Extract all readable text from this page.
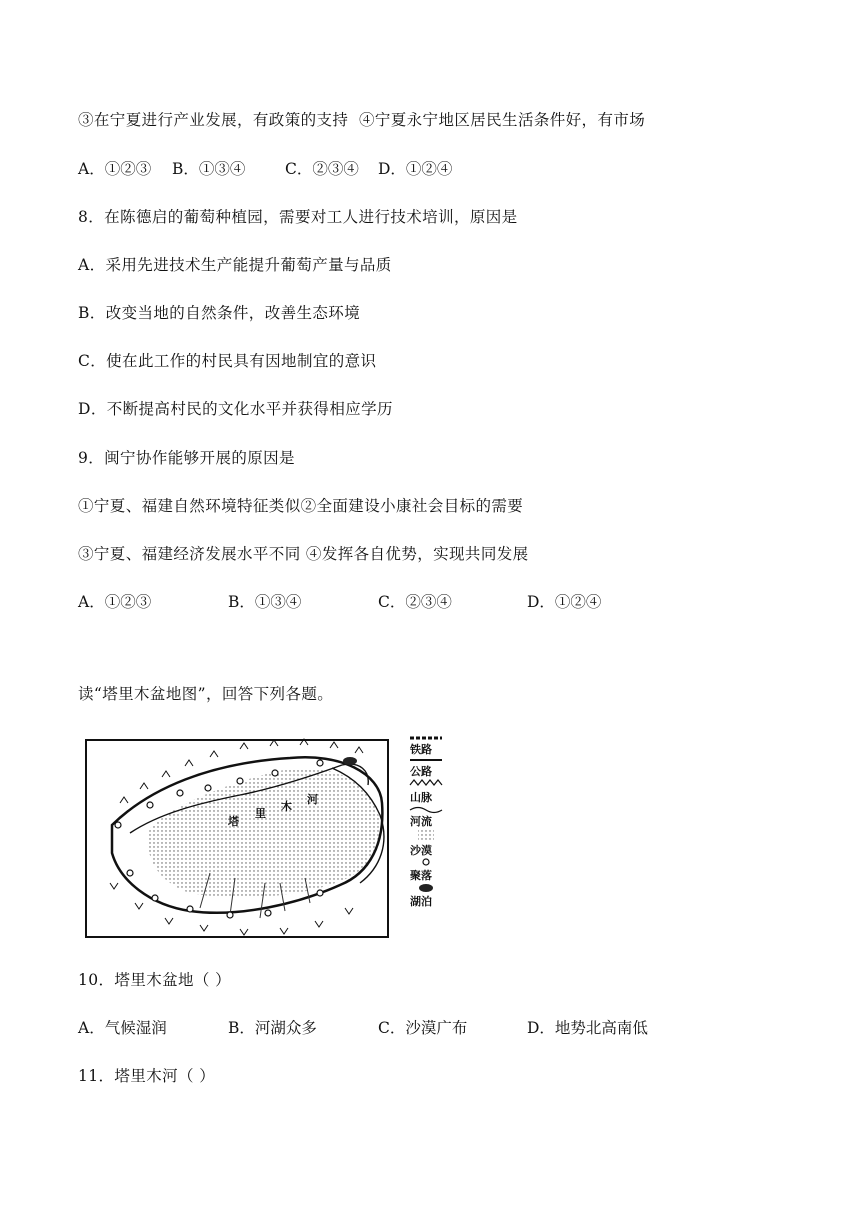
③在宁夏进行产业发展，有政策的支持  ④宁夏永宁地区居民生活条件好，有市场
A．①②③ B．①③④	C．②③④ D．①②④
8．在陈德启的葡萄种植园，需要对工人进行技术培训，原因是
A．采用先进技术生产能提升葡萄产量与品质
B．改变当地的自然条件，改善生态环境
C．使在此工作的村民具有因地制宜的意识
D．不断提高村民的文化水平并获得相应学历
9．闽宁协作能够开展的原因是
①宁夏、福建自然环境特征类似②全面建设小康社会目标的需要
③宁夏、福建经济发展水平不同 ④发挥各自优势，实现共同发展
A．①②③	B．①③④	C．②③④	D．①②④
读“塔里木盆地图”，回答下列各题。
塔
里
木
河
铁路
公路
山脉
河流
沙漠
聚落
湖泊
10．塔里木盆地（ ）
A．气候湿润	B．河湖众多	C．沙漠广布	D．地势北高南低
11．塔里木河（ ）
